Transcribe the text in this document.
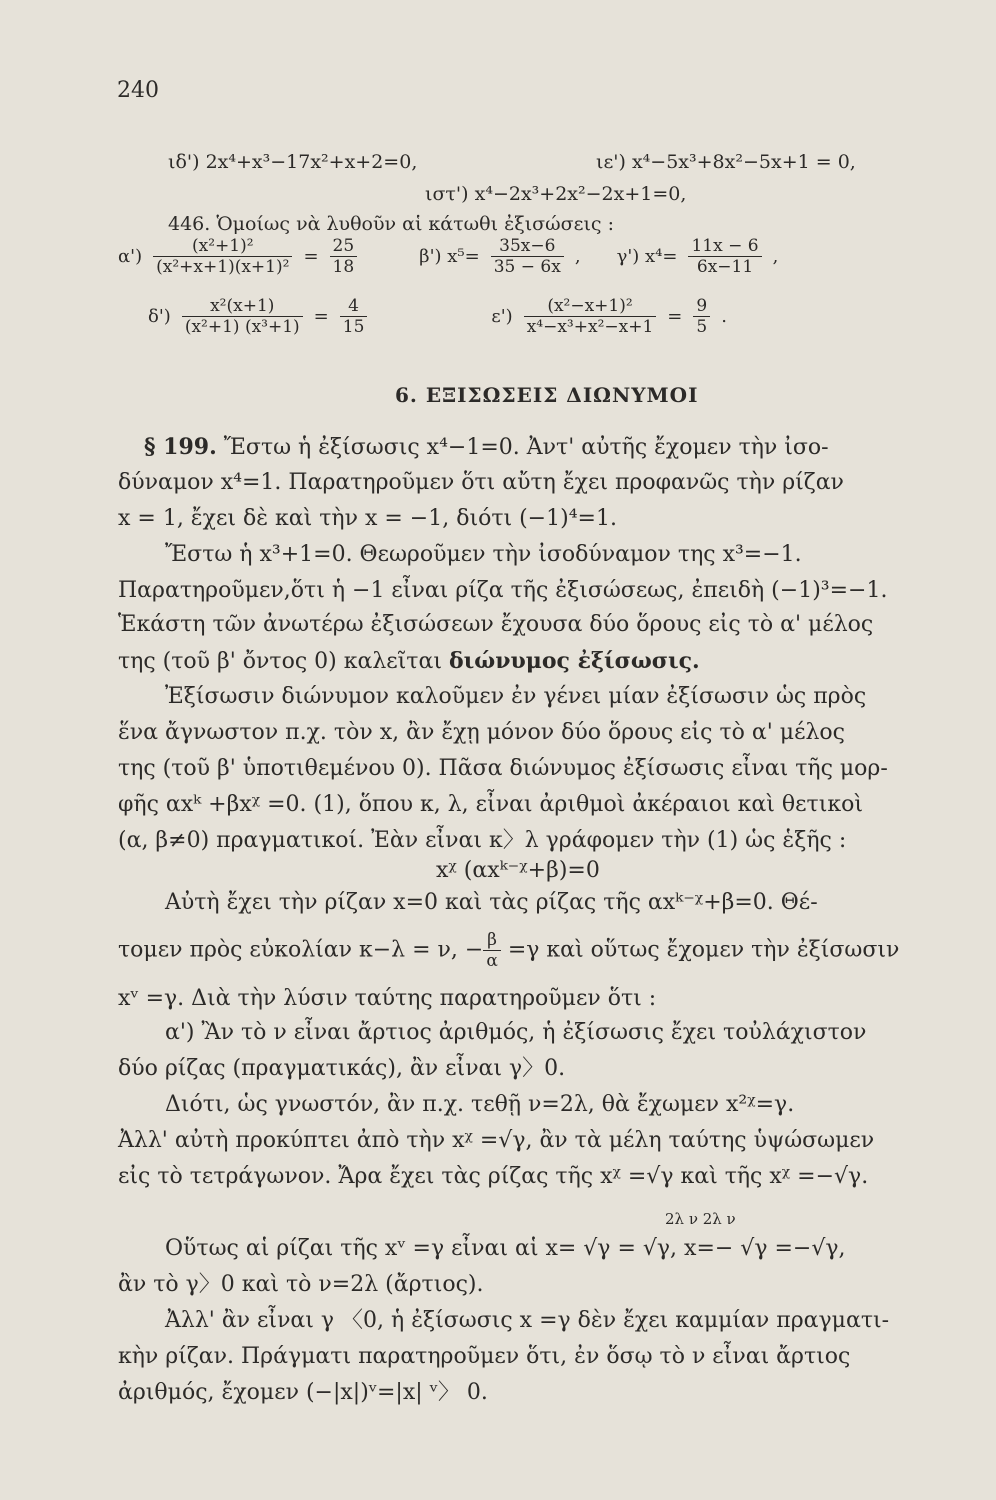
240
ιδ') 2x⁴+x³−17x²+x+2=0,	ιε') x⁴−5x³+8x²−5x+1 = 0,
ιστ') x⁴−2x³+2x²−2x+1=0,
446. Ὁμοίως νὰ λυθοῦν αἱ κάτωθι ἐξισώσεις :
$\alpha') \frac{\text{(x²+1)²}}{\text{(x²+x+1)(x+1)²}} = \frac{25}{18}$	β') $x^5= \frac{35x-6}{35 - 6x}$ , γ') $x^4= \frac{11x - 6}{6x-11}$ ,
$\delta') \frac{\text{x²(x+1)}}{\text{(x²+1) (x³+1)}} = \frac{4}{15}$	$\varepsilon') \frac{\text{(x²−x+1)²}}{\text{x⁴−x³+x²−x+1}} = \frac{9}{5}$ .
6. ΕΞΙΣΩΣΕΙΣ ΔΙΩΝΥΜΟΙ
§ 199. Ἔστω ἡ ἐξίσωσις x⁴−1=0. Ἀντ' αὐτῆς ἔχομεν τὴν ἰσο-
δύναμον x⁴=1. Παρατηροῦμεν ὅτι αὔτη ἔχει προφανῶς τὴν ρίζαν
x = 1, ἔχει δὲ καὶ τὴν x = −1, διότι (−1)⁴=1.
Ἔστω ἡ x³+1=0. Θεωροῦμεν τὴν ἰσοδύναμον της x³=−1.
Παρατηροῦμεν,ὅτι ἡ −1 εἶναι ρίζα τῆς ἐξισώσεως, ἐπειδὴ (−1)³=−1.
Ἑκάστη τῶν ἀνωτέρω ἐξισώσεων ἔχουσα δύο ὅρους εἰς τὸ α' μέλος
της (τοῦ β' ὄντος 0) καλεῖται διώνυμος ἐξίσωσις.
Ἐξίσωσιν διώνυμον καλοῦμεν ἐν γένει μίαν ἐξίσωσιν ὡς πρὸς
ἕνα ἄγνωστον π.χ. τὸν x, ἂν ἔχῃ μόνον δύο ὅρους εἰς τὸ α' μέλος
της (τοῦ β' ὑποτιθεμένου 0). Πᾶσα διώνυμος ἐξίσωσις εἶναι τῆς μορ-
φῆς αxᵏ +βxᵡ =0. (1), ὅπου κ, λ, εἶναι ἀριθμοὶ ἀκέραιοι καὶ θετικοὶ
(α, β≠0) πραγματικοί. Ἐὰν εἶναι κ〉λ γράφομεν τὴν (1) ὡς ἑξῆς :
xᵡ (αxᵏ⁻ᵡ+β)=0
Αὐτὴ ἔχει τὴν ρίζαν x=0 καὶ τὰς ρίζας τῆς αxᵏ⁻ᵡ+β=0. Θέ-
τομεν πρὸς εὐκολίαν κ−λ = ν, − $\frac{\beta}{\alpha} =\gamma$ καὶ οὕτως ἔχομεν τὴν ἐξίσωσιν
xᵛ =γ. Διὰ τὴν λύσιν ταύτης παρατηροῦμεν ὅτι :
α') Ἂν τὸ ν εἶναι ἄρτιος ἀριθμός, ἡ ἐξίσωσις ἔχει τοὐλάχιστον
δύο ρίζας (πραγματικάς), ἂν εἶναι γ〉0.
Διότι, ὡς γνωστόν, ἂν π.χ. τεθῇ ν=2λ, θὰ ἔχωμεν x²ᵡ=γ.
Ἀλλ' αὐτὴ προκύπτει ἀπὸ τὴν xᵡ =√γ, ἂν τὰ μέλη ταύτης ὑψώσωμεν
εἰς τὸ τετράγωνον. Ἄρα ἔχει τὰς ρίζας τῆς xᵡ =√γ καὶ τῆς xᵡ =−√γ.
2λ ν 2λ ν
Οὕτως αἱ ρίζαι τῆς xᵛ =γ εἶναι αἱ x= √γ = √γ, x=− √γ =−√γ,
ἂν τὸ γ〉0 καὶ τὸ ν=2λ (ἄρτιος).
Ἀλλ' ἂν εἶναι γ 〈0, ἡ ἐξίσωσις x =γ δὲν ἔχει καμμίαν πραγματι-
κὴν ρίζαν. Πράγματι παρατηροῦμεν ὅτι, ἐν ὅσῳ τὸ ν εἶναι ἄρτιος
ἀριθμός, ἔχομεν (−|x|)ᵛ=|x| ᵛ〉 0.
